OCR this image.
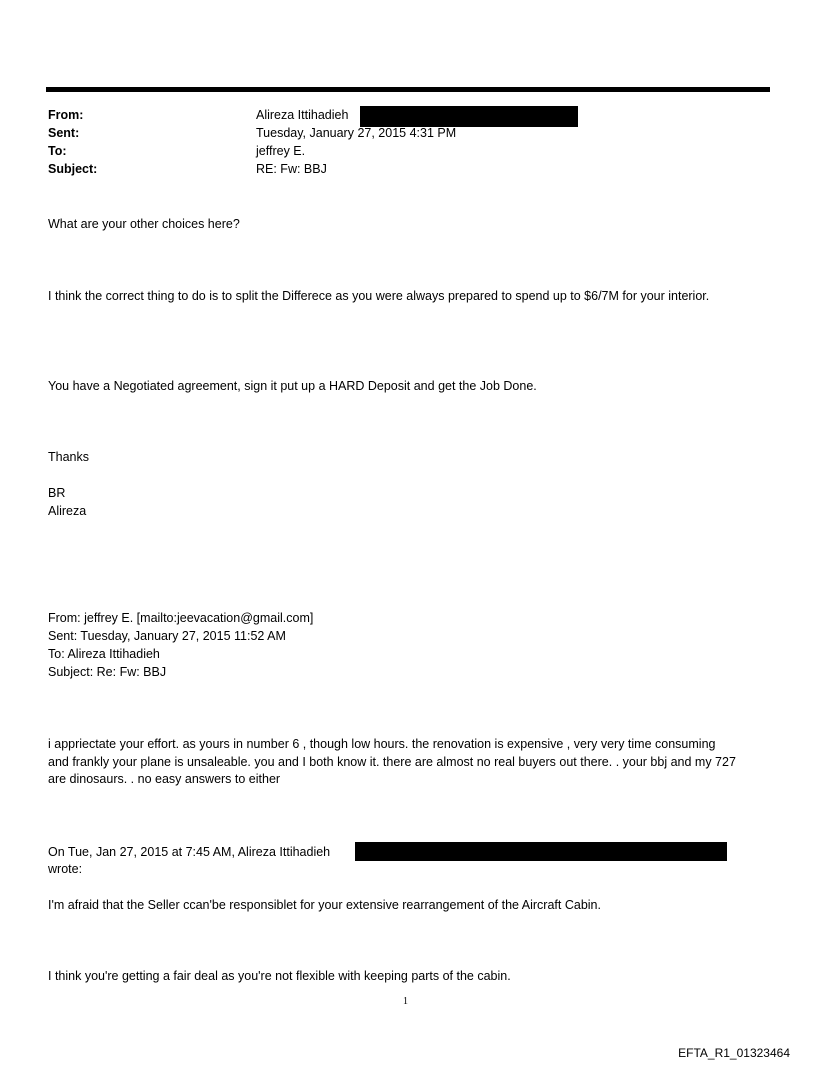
From:	Alireza Ittihadieh
Sent:	Tuesday, January 27, 2015 4:31 PM
To:	jeffrey E.
Subject:	RE: Fw: BBJ

What are your other choices here?

I think the correct thing to do is to split the Differece as you were always prepared to spend up to $6/7M for your interior.

You have a Negotiated agreement, sign it put up a HARD Deposit and get the Job Done.

Thanks

BR
Alireza
From: jeffrey E. [mailto:jeevacation@gmail.com]
Sent: Tuesday, January 27, 2015 11:52 AM
To: Alireza Ittihadieh
Subject: Re: Fw: BBJ

i appriectate your effort. as yours in number 6 , though low hours. the renovation is expensive , very very time consuming and frankly your plane is unsaleable. you and I both know it. there are almost no real buyers out there. . your bbj and my 727 are dinosaurs. . no easy answers to either

On Tue, Jan 27, 2015 at 7:45 AM, Alireza Ittihadieh
wrote:

I'm afraid that the Seller ccan'be responsiblet for your extensive rearrangement of the Aircraft Cabin.

I think you're getting a fair deal as you're not flexible with keeping parts of the cabin.

1
EFTA_R1_01323464
